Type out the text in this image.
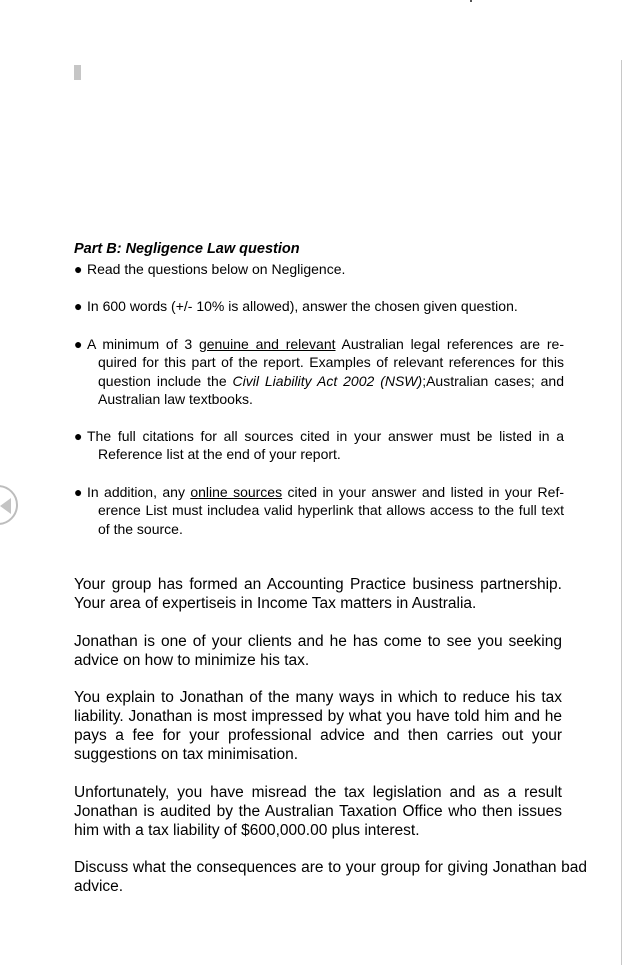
Part B: Negligence Law question
● Read the questions below on Negligence.
● In 600 words (+/- 10% is allowed), answer the chosen given question.
● A minimum of 3 genuine and relevant Australian legal references are re-quired for this part of the report. Examples of relevant references for this question include the Civil Liability Act 2002 (NSW);Australian cases; and Australian law textbooks.
● The full citations for all sources cited in your answer must be listed in a Reference list at the end of your report.
● In addition, any online sources cited in your answer and listed in your Ref-erence List must includea valid hyperlink that allows access to the full text of the source.
Your group has formed an Accounting Practice business partnership. Your area of expertiseis in Income Tax matters in Australia.
Jonathan is one of your clients and he has come to see you seeking advice on how to minimize his tax.
You explain to Jonathan of the many ways in which to reduce his tax liability. Jonathan is most impressed by what you have told him and he pays a fee for your professional advice and then carries out your suggestions on tax minimisation.
Unfortunately, you have misread the tax legislation and as a result Jonathan is audited by the Australian Taxation Office who then issues him with a tax liability of $600,000.00 plus interest.
Discuss what the consequences are to your group for giving Jonathan bad advice.
